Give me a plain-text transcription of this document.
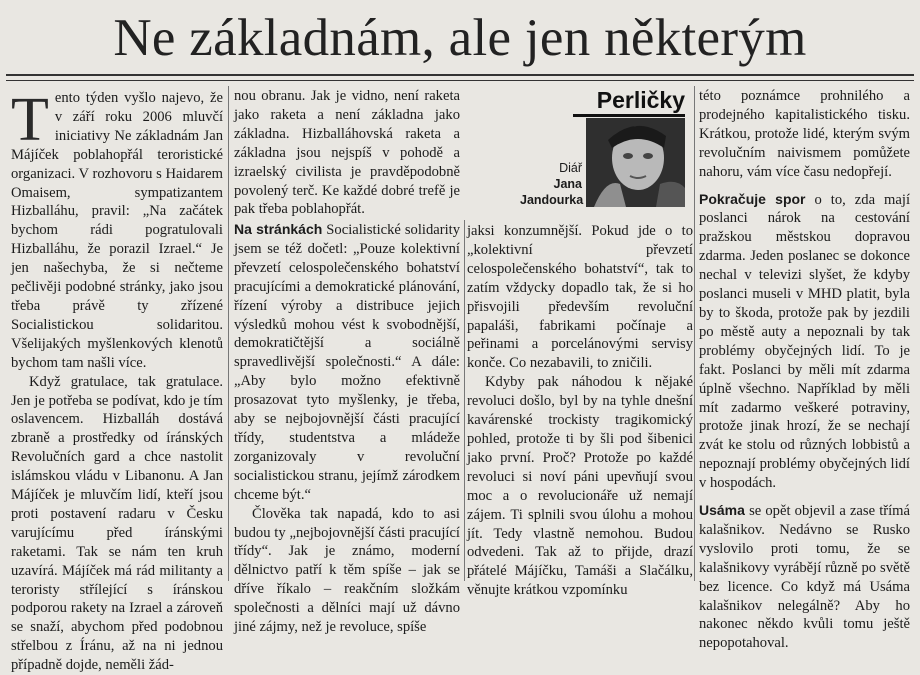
Ne základnám, ale jen některým

Tento týden vyšlo najevo, že v září roku 2006 mluvčí iniciativy Ne základnám Jan Májíček poblahopřál teroristické organizaci. V rozhovoru s Haidarem Omaisem, sympatizantem Hizballáhu, pravil: „Na začátek bychom rádi pogratulovali Hizballáhu, že porazil Izrael.“ Je jen našechyba, že si nečteme pečlivěji podobné stránky, jako jsou třeba právě ty zřízené Socialistickou solidaritou. Všelijakých myšlenkových klenotů bychom tam našli více.

Když gratulace, tak gratulace. Jen je potřeba se podívat, kdo je tím oslavencem. Hizballáh dostává zbraně a prostředky od íránských Revolučních gard a chce nastolit islámskou vládu v Libanonu. A Jan Májíček je mluvčím lidí, kteří jsou proti postavení radaru v Česku varujícímu před íránskými raketami. Tak se nám ten kruh uzavírá. Májíček má rád militanty a teroristy střílející s íránskou podporou rakety na Izrael a zároveň se snaží, abychom před podobnou střelbou z Íránu, až na ni jednou případně dojde, neměli žád-

nou obranu. Jak je vidno, není raketa jako raketa a není základna jako základna. Hizballáhovská raketa a základna jsou nejspíš v pohodě a izraelský civilista je pravděpodobně povolený terč. Ke každé dobré trefě je pak třeba poblahopřát.

Perličky
Diář
Jana
Jandourka

Na stránkách Socialistické solidarity jsem se též dočetl: „Pouze kolektivní převzetí celospolečenského bohatství pracujícími a demokratické plánování, řízení výroby a distribuce jejich výsledků mohou vést k svobodnější, demokratičtější a sociálně spravedlivější společnosti.“ A dále: „Aby bylo možno efektivně prosazovat tyto myšlenky, je třeba, aby se nejbojovnější části pracující třídy, studentstva a mládeže zorganizovaly v revoluční socialistickou stranu, jejímž zárodkem chceme být.“

Člověka tak napadá, kdo to asi budou ty „nejbojovnější části pracující třídy“. Jak je známo, moderní dělnictvo patří k těm spíše – jak se dříve říkalo – reakčním složkám společnosti a dělníci mají už dávno jiné zájmy, než je revoluce, spíše

jaksi konzumnější. Pokud jde o to „kolektivní převzetí celospolečenského bohatství“, tak to zatím vždycky dopadlo tak, že si ho přisvojili především revoluční papaláši, fabrikami počínaje a peřinami a porcelánovými servisy konče. Co nezabavili, to zničili.

Kdyby pak náhodou k nějaké revoluci došlo, byl by na tyhle dnešní kavárenské trockisty tragikomický pohled, protože ti by šli pod šibenici jako první. Proč? Protože po každé revoluci si noví páni upevňují svou moc a o revolucionáře už nemají zájem. Ti splnili svou úlohu a mohou jít. Tedy vlastně nemohou. Budou odvedeni. Tak až to přijde, drazí přátelé Májíčku, Tamáši a Slačálku, věnujte krátkou vzpomínku

této poznámce prohnilého a prodejného kapitalistického tisku. Krátkou, protože lidé, kterým svým revolučním naivismem pomůžete nahoru, vám více času nedopřejí.

Pokračuje spor o to, zda mají poslanci nárok na cestování pražskou městskou dopravou zdarma. Jeden poslanec se dokonce nechal v televizi slyšet, že kdyby poslanci museli v MHD platit, byla by to škoda, protože pak by jezdili po městě auty a nepoznali by tak problémy obyčejných lidí. To je fakt. Poslanci by měli mít zdarma úplně všechno. Například by měli mít zadarmo veškeré potraviny, protože jinak hrozí, že se nechají zvát ke stolu od různých lobbistů a nepoznají problémy obyčejných lidí v hospodách.

Usáma se opět objevil a zase třímá kalašnikov. Nedávno se Rusko vyslovilo proti tomu, že se kalašnikovy vyrábějí různě po světě bez licence. Co když má Usáma kalašnikov nelegálně? Aby ho nakonec někdo kvůli tomu ještě nepopotahoval.
